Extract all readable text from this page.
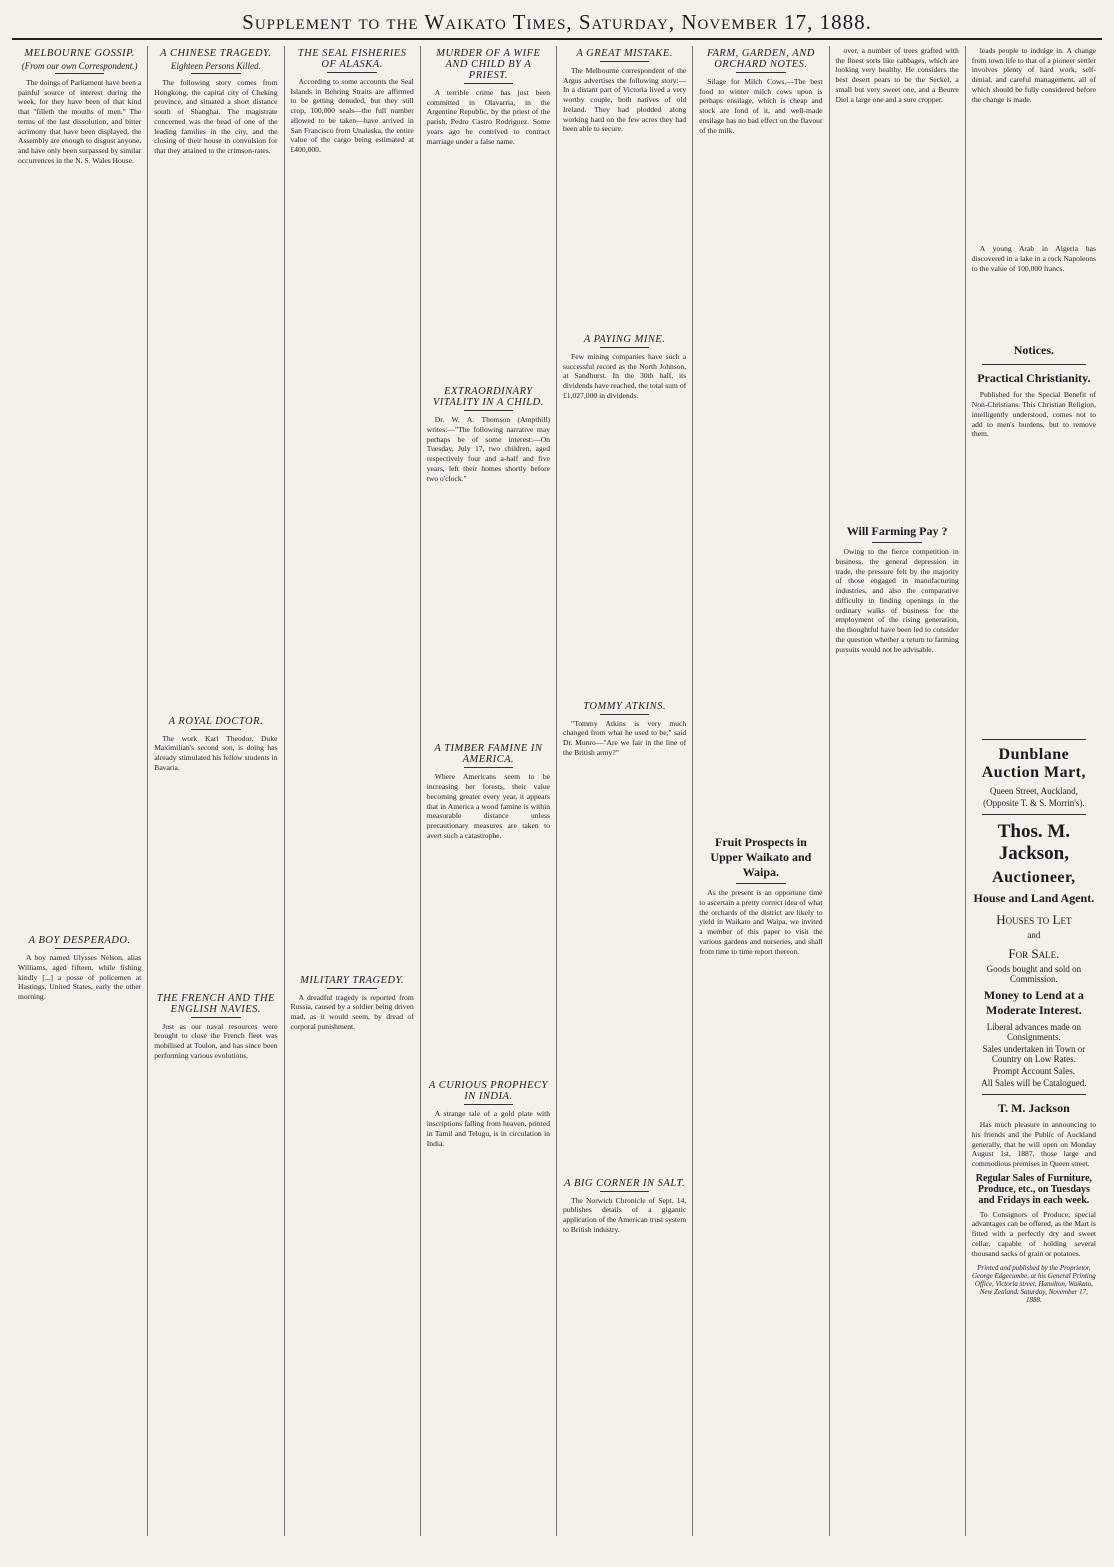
Supplement to the Waikato Times, Saturday, November 17, 1888.
MELBOURNE GOSSIP.
(From our own Correspondent.)
The doings of Parliament have been a painful source of interest during the week, for they have been of that kind that "filleth the mouths of men." The terms of the last dissolution, and bitter acrimony that have been displayed, the Assembly are enough to disgust anyone, and have only been surpassed by similar occurrences in the N. S. Wales House.

A BOY DESPERADO.
A boy named Ulysses Nelson, alias Williams, aged fifteen, while fishing kindly [...] a posse of policemen at Hastings, United States, early the other morning.
A CHINESE TRAGEDY.
Eighteen Persons Killed.
The following story comes from Hongkong, the capital city of Cheking province, and situated a short distance south of Shanghai. The magistrate concerned was the head of one of the leading families in the city, and the closing of their house in convulsion for that they attained to the crimson-rates.
A ROYAL DOCTOR.
The work Karl Theodor, Duke Maximilian's second son, is doing has already stimulated his fellow students in Bavaria.
THE FRENCH AND THE ENGLISH NAVIES.
Just as our naval resources were brought to close the French fleet was mobilised at Toulon, and has since been performing various evolutions.
THE SEAL FISHERIES OF ALASKA.
According to some accounts the Seal Islands in Behring Straits are affirmed to be getting denuded, but they still crop, 100,000 seals—the full number allowed to be taken—have arrived in San Francisco from Unalaska, the entire value of the cargo being estimated at £400,000.
MILITARY TRAGEDY.
A dreadful tragedy is reported from Russia, caused by a soldier being driven mad, as it would seem, by dread of corporal punishment.
MURDER OF A WIFE AND CHILD BY A PRIEST.
A terrible crime has just been committed in Olavarria, in the Argentine Republic, by the priest of the parish, Pedro Castro Rodriguez. Some years ago he contrived to contract marriage under a false name.
EXTRAORDINARY VITALITY IN A CHILD.
Dr. W. A. Thomson (Ampthill) writes:—"The following narrative may perhaps be of some interest:—On Tuesday, July 17, two children, aged respectively four and a-half and five years, left their homes shortly before two o'clock."
A TIMBER FAMINE IN AMERICA.
Where Americans seem to be increasing her forests, their value becoming greater every year, it appears that in America a wood famine is within measurable distance unless precautionary measures are taken to avert such a catastrophe.
A CURIOUS PROPHECY IN INDIA.
A strange tale of a gold plate with inscriptions falling from heaven, printed in Tamil and Telugu, is in circulation in India.
A GREAT MISTAKE.
The Melbourne correspondent of the Argus advertises the following story:—In a distant part of Victoria lived a very worthy couple, both natives of old Ireland. They had plodded along working hard on the few acres they had been able to secure.
A PAYING MINE.
Few mining companies have such a successful record as the North Johnson, at Sandhurst. In the 30th half, its dividends have reached, the total sum of £1,027,000 in dividends.
TOMMY ATKINS.
"Tommy Atkins is very much changed from what he used to be," said Dr. Munro—"Are we fair in the line of the British army?"
A BIG CORNER IN SALT.
The Norwich Chronicle of Sept. 14, publishes details of a gigantic application of the American trust system to British industry.
FARM, GARDEN, AND ORCHARD NOTES.
Silage for Milch Cows.—The best food to winter milch cows upon is perhaps ensilage, which is cheap and stock are fond of it, and well-made ensilage has no bad effect on the flavour of the milk.
Fruit Prospects in Upper Waikato and Waipa.
As the present is an opportune time to ascertain a pretty correct idea of what the orchards of the district are likely to yield in Waikato and Waipa, we invited a member of this paper to visit the various gardens and nurseries, and shall from time to time report thereon.
over, a number of trees grafted with the finest sorts like cabbages, which are looking very healthy. He considers the best desert pears to be the Seckel, a small but very sweet one, and a Beurre Diel a large one and a sure cropper.
Will Farming Pay ?
Owing to the fierce competition in business, the general depression in trade, the pressure felt by the majority of those engaged in manufacturing industries, and also the comparative difficulty in finding openings in the ordinary walks of business for the employment of the rising generation, the thoughtful have been led to consider the question whether a return to farming pursuits would not be advisable.
leads people to indulge in. A change from town life to that of a pioneer settler involves plenty of hard work, self-denial, and careful management, all of which should be fully considered before the change is made.
A young Arab in Algeria has discovered in a lake in a rock Napoleons to the value of 100,000 francs.
Notices.
Practical Christianity.
Published for the Special Benefit of Non-Christians. This Christian Religion, intelligently understood, comes not to add to men's burdens, but to remove them.
Dunblane Auction Mart,
Queen Street, Auckland,
(Opposite T. & S. Morrin's).
Thos. M. Jackson,
Auctioneer,
House and Land Agent.
Houses to Let
and
For Sale.
Goods bought and sold on Commission.
Money to Lend at a Moderate Interest.
Liberal advances made on Consignments.
Sales undertaken in Town or Country on Low Rates.
Prompt Account Sales.
All Sales will be Catalogued.
T. M. Jackson
Has much pleasure in announcing to his friends and the Public of Auckland generally, that he will open on Monday August 1st, 1887, those large and commodious premises in Queen street.
Regular Sales of Furniture, Produce, etc., on Tuesdays and Fridays in each week.
To Consignors of Produce, special advantages can be offered, as the Mart is fitted with a perfectly dry and sweet cellar, capable of holding several thousand sacks of grain or potatoes.
Printed and published by the Proprietor, George Edgecumbe, at his General Printing Office, Victoria street, Hamilton, Waikato, New Zealand. Saturday, November 17, 1888.
